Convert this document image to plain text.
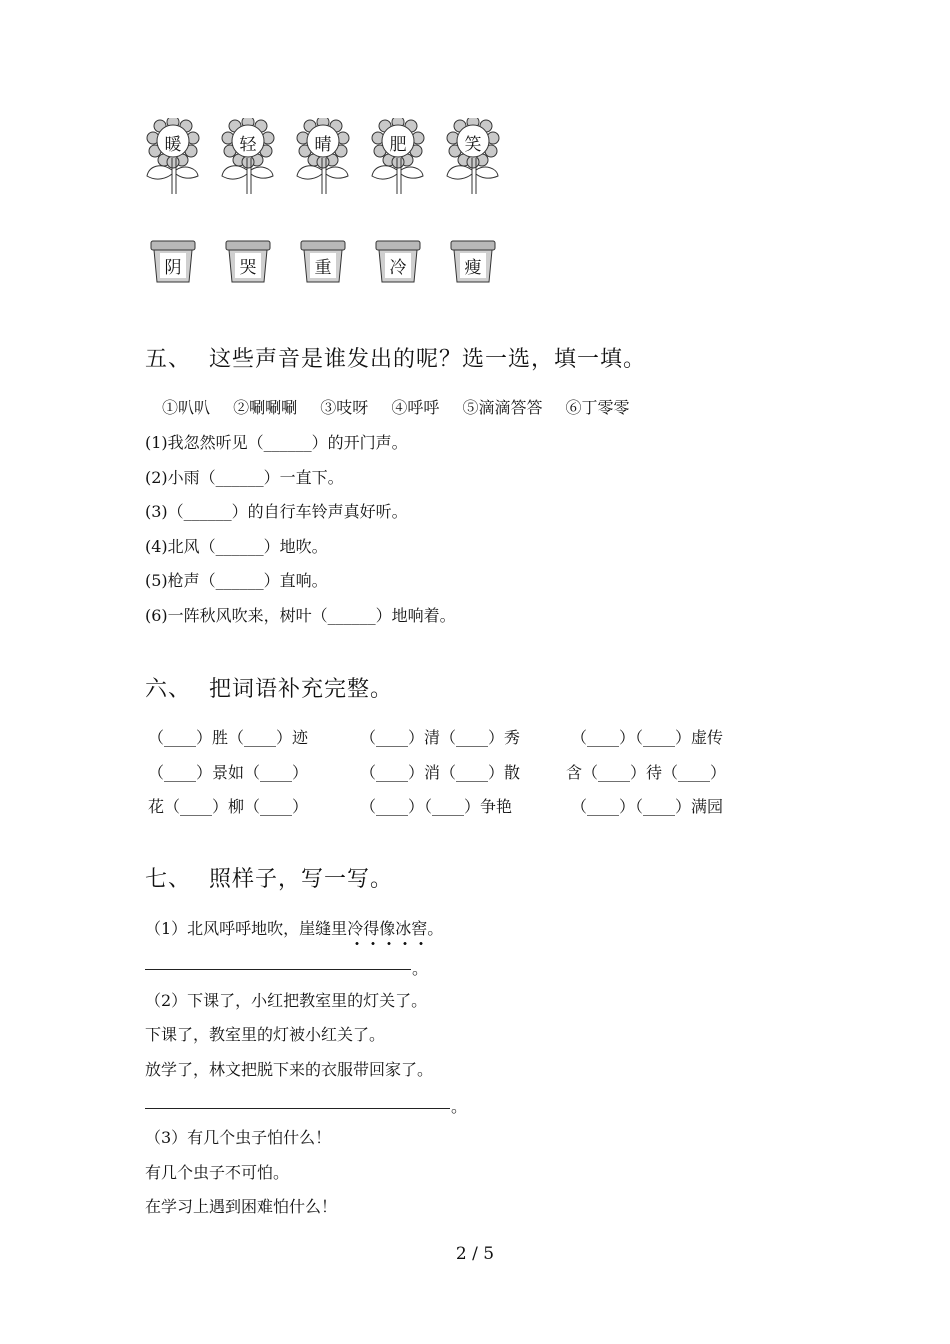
暖	轻	晴	肥	笑
阴	哭	重	冷	瘦
五、 这些声音是谁发出的呢？选一选，填一填。
①叭叭 ②唰唰唰 ③吱呀 ④呼呼 ⑤滴滴答答 ⑥丁零零
(1)我忽然听见（______）的开门声。
(2)小雨（______）一直下。
(3)（______）的自行车铃声真好听。
(4)北风（______）地吹。
(5)枪声（______）直响。
(6)一阵秋风吹来，树叶（______）地响着。
六、 把词语补充完整。
（____）胜（____）迹	（____）清（____）秀	（____）（____）虚传
（____）景如（____）	（____）消（____）散	含（____）待（____）
花（____）柳（____）	（____）（____）争艳	（____）（____）满园
七、 照样子，写一写。
（1）北风呼呼地吹，崖缝里冷得像冰窖。
。
（2）下课了，小红把教室里的灯关了。
下课了，教室里的灯被小红关了。
放学了，林文把脱下来的衣服带回家了。
。
（3）有几个虫子怕什么！
有几个虫子不可怕。
在学习上遇到困难怕什么！
2 / 5
